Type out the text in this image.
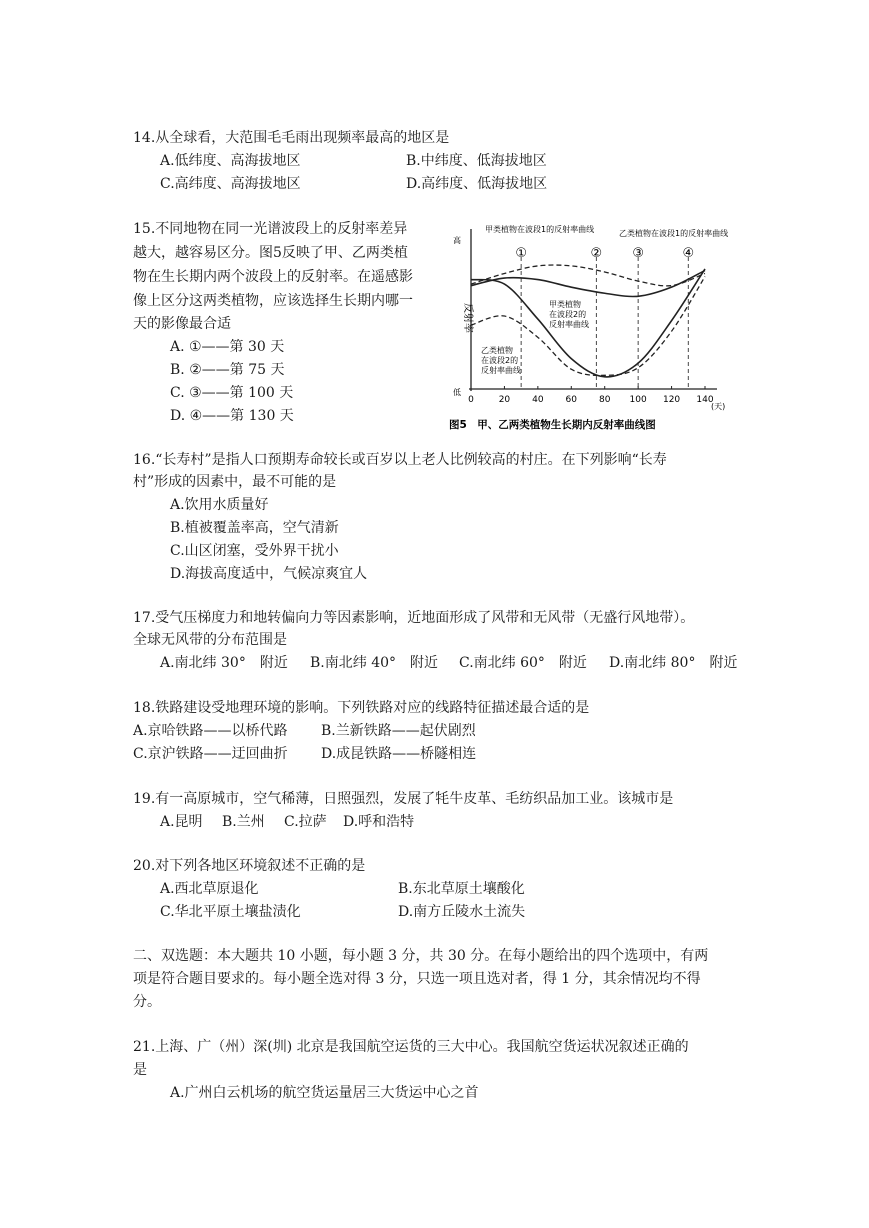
14.从全球看，大范围毛毛雨出现频率最高的地区是
A.低纬度、高海拔地区	B.中纬度、低海拔地区
C.高纬度、高海拔地区	D.高纬度、低海拔地区
15.不同地物在同一光谱波段上的反射率差异
越大，越容易区分。图5反映了甲、乙两类植
物在生长期内两个波段上的反射率。在遥感影
像上区分这两类植物，应该选择生长期内哪一
天的影像最合适
A. ①——第 30 天
B. ②——第 75 天
C. ③——第 100 天
D. ④——第 130 天
①	② ③	④
0	20 40 60 80 100 120 140
高
低
(天)
甲类植物在波段1的反射率曲线	乙类植物在波段1的反射率曲线
甲类植物
在波段2的
反射率曲线
乙类植物
在波段2的
反射率曲线
图5　甲、乙两类植物生长期内反射率曲线图
反射率
16.“长寿村”是指人口预期寿命较长或百岁以上老人比例较高的村庄。在下列影响“长寿
村”形成的因素中，最不可能的是
A.饮用水质量好
B.植被覆盖率高，空气清新
C.山区闭塞，受外界干扰小
D.海拔高度适中，气候凉爽宜人
17.受气压梯度力和地转偏向力等因素影响，近地面形成了风带和无风带（无盛行风地带）。
全球无风带的分布范围是
A.南北纬 30°　附近 B.南北纬 40°　附近 C.南北纬 60°　附近 D.南北纬 80°　附近
18.铁路建设受地理环境的影响。下列铁路对应的线路特征描述最合适的是
A.京哈铁路——以桥代路 B.兰新铁路——起伏剧烈
C.京沪铁路——迂回曲折 D.成昆铁路——桥隧相连
19.有一高原城市，空气稀薄，日照强烈，发展了牦牛皮革、毛纺织品加工业。该城市是
A.昆明 B.兰州 C.拉萨 D.呼和浩特
20.对下列各地区环境叙述不正确的是
A.西北草原退化	B.东北草原土壤酸化
C.华北平原土壤盐渍化	D.南方丘陵水土流失
二、双选题：本大题共 10 小题，每小题 3 分，共 30 分。在每小题给出的四个选项中，有两
项是符合题目要求的。每小题全选对得 3 分，只选一项且选对者，得 1 分，其余情况均不得
分。
21.上海、广（州）深(圳) 北京是我国航空运货的三大中心。我国航空货运状况叙述正确的
是
A.广州白云机场的航空货运量居三大货运中心之首
